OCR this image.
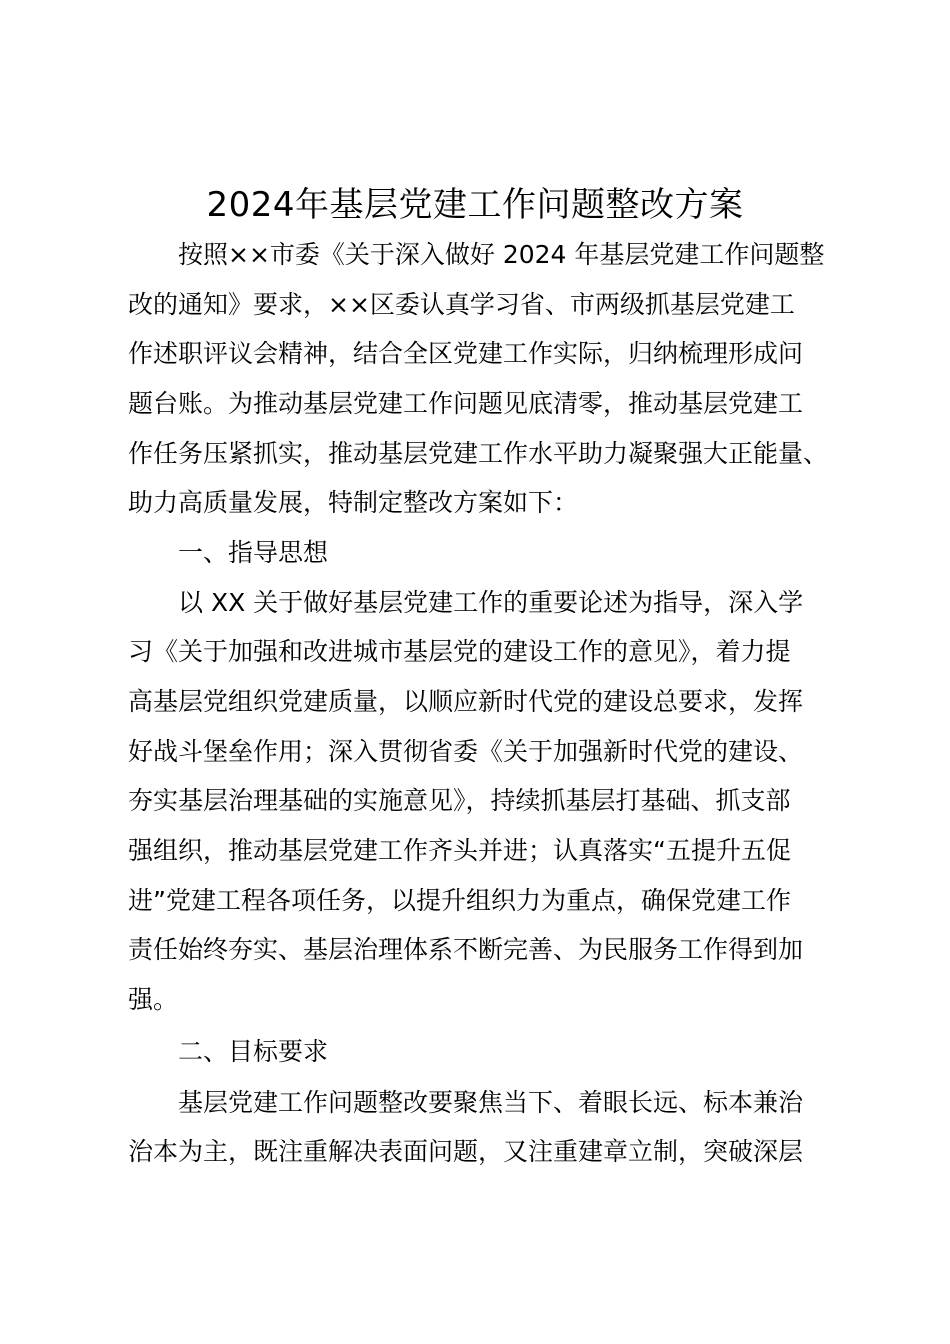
2024年基层党建工作问题整改方案
按照××市委《关于深入做好 2024 年基层党建工作问题整
改的通知》要求，××区委认真学习省、市两级抓基层党建工
作述职评议会精神，结合全区党建工作实际，归纳梳理形成问
题台账。为推动基层党建工作问题见底清零，推动基层党建工
作任务压紧抓实，推动基层党建工作水平助力凝聚强大正能量、
助力高质量发展，特制定整改方案如下：
一、指导思想
以 XX 关于做好基层党建工作的重要论述为指导，深入学
习《关于加强和改进城市基层党的建设工作的意见》，着力提
高基层党组织党建质量，以顺应新时代党的建设总要求，发挥
好战斗堡垒作用；深入贯彻省委《关于加强新时代党的建设、
夯实基层治理基础的实施意见》，持续抓基层打基础、抓支部
强组织，推动基层党建工作齐头并进；认真落实“五提升五促
进”党建工程各项任务，以提升组织力为重点，确保党建工作
责任始终夯实、基层治理体系不断完善、为民服务工作得到加
强。
二、目标要求
基层党建工作问题整改要聚焦当下、着眼长远、标本兼治
治本为主，既注重解决表面问题，又注重建章立制，突破深层
